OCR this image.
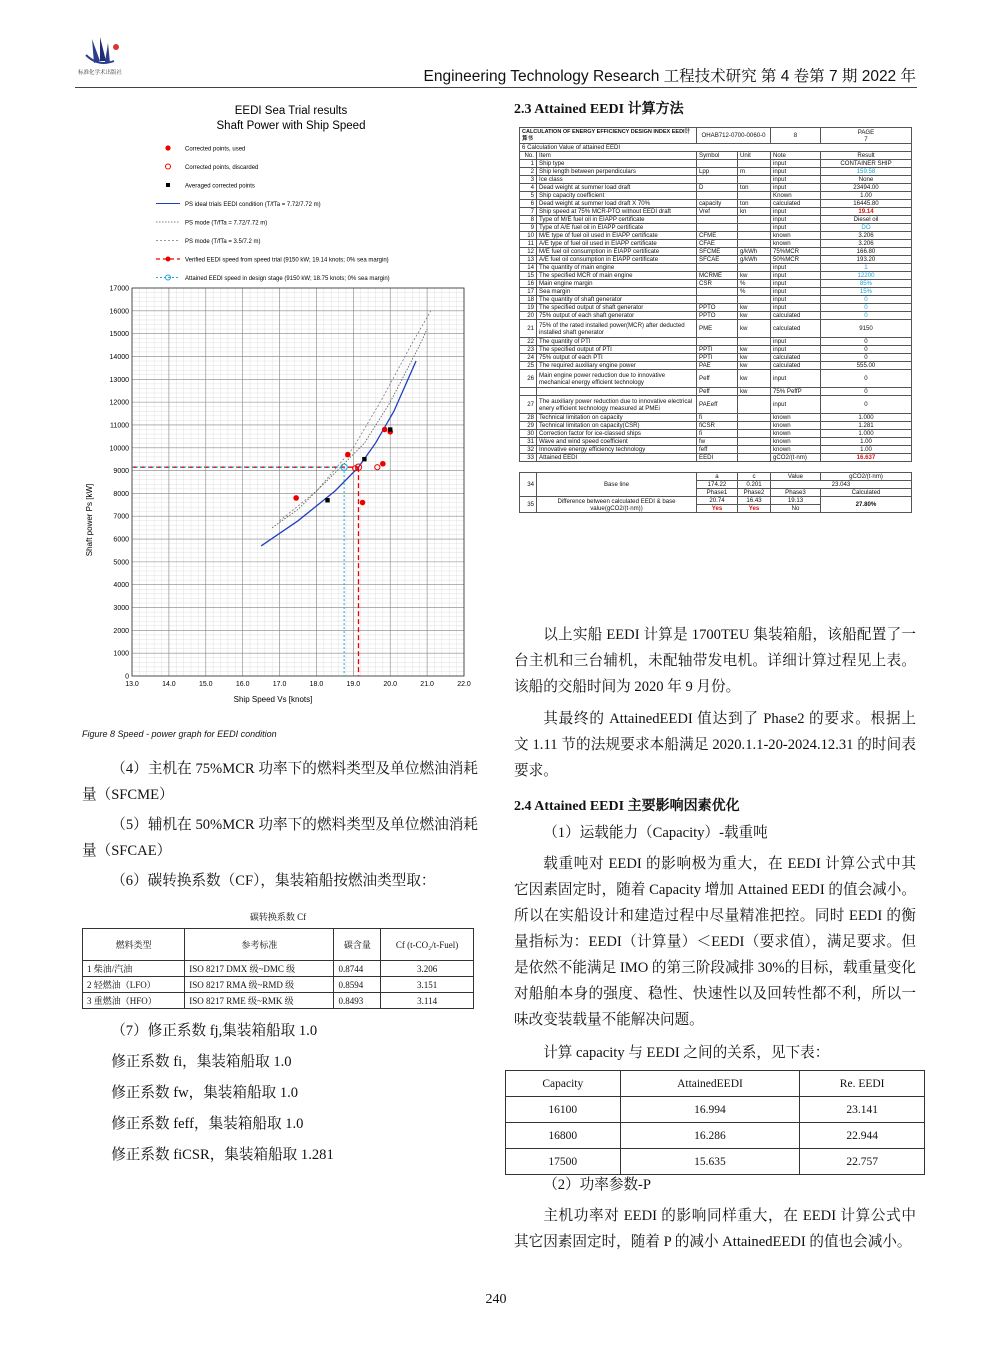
标准化学术出版社	Engineering Technology Research 工程技术研究 第 4 卷第 7 期 2022 年
EEDI Sea Trial results
Shaft Power with Ship Speed
Corrected points, used
Corrected points, discarded
Averaged corrected points
PS ideal trials EEDI condition (T/fTa = 7.72/7.72 m)
PS mode (T/fTa = 7.72/7.72 m)
PS mode (T/fTa = 3.5/7.2 m)
Verified EEDI speed from speed trial (9150 kW; 19.14 knots; 0% sea margin)
Attained EEDI speed in design stage (9150 kW; 18.75 knots; 0% sea margin)
13.0	14.0	15.0	16.0	17.0	18.0	19.0	20.0	21.0	22.0
0
1000
2000
3000
4000
5000
6000
7000
8000
9000
10000
11000
12000
13000
14000
15000
16000
17000
Ship Speed Vs [knots]
Shaft power Ps [kW]
Figure 8 Speed - power graph for EEDI condition

（4）主机在 75%MCR 功率下的燃料类型及单位燃油消耗量（SFCME）

（5）辅机在 50%MCR 功率下的燃料类型及单位燃油消耗量（SFCAE）

（6）碳转换系数（CF），集装箱船按燃油类型取：

碳转换系数 Cf
燃料类型	参考标准	碳含量	Cf (t-CO₂/t-Fuel)
1 柴油/汽油	ISO 8217 DMX 级~DMC 级	0.8744	3.206
2 轻燃油（LFO）	ISO 8217 RMA 级~RMD 级	0.8594	3.151
3 重燃油（HFO）	ISO 8217 RME 级~RMK 级	0.8493	3.114

（7）修正系数 fj,集装箱船取 1.0

修正系数 fi，集装箱船取 1.0

修正系数 fw，集装箱船取 1.0

修正系数 feff，集装箱船取 1.0

修正系数 fiCSR，集装箱船取 1.281

2.3 Attained EEDI 计算方法
CALCULATION OF ENERGY EFFICIENCY DESIGN INDEX EEDI计算书		OHAB712-0700-0060-0		8	PAGE
7

6 Calculation Value of attained EEDI					
No.	Item	Symbol	Unit	Note	Result
1	Ship type			input	CONTAINER SHIP
2	Ship length between perpendiculars	Lpp	m	input	159.58
3	Ice class			input	None
4	Dead weight at summer load draft	D	ton	input	23494.00
5	Ship capacity coefficient			Known	1.00
6	Dead weight at summer load draft X 70%	capacity	ton	calculated	16445.80
7	Ship speed at 75% MCR-PTO without EEDI draft	Vref	kn	input	19.14
8	Type of M/E fuel oil in EIAPP certificate			input	Diesel oil
9	Type of A/E fuel oil in EIAPP certificate			input	DO
10	M/E type of fuel oil used in EIAPP certificate	CFME		known	3.206
11	A/E type of fuel oil used in EIAPP certificate	CFAE		known	3.206
12	M/E fuel oil consumption in EIAPP certificate	SFCME	g/kWh	75%MCR	166.80
13	A/E fuel oil consumption in EIAPP certificate	SFCAE	g/kWh	50%MCR	193.20
14	The quantity of main engine			input	1
15	The specified MCR of main engine	MCRME	kw	input	12200
16	Main engine margin	CSR	%	input	85%
17	Sea margin		%	input	15%
18	The quantity of shaft generator			input	0
19	The specified output of shaft generator	PPTO	kw	input	0
20	75% output of each shaft generator	PPTO	kw	calculated	0
21	75% of the rated installed power(MCR) after deducted installed shaft generator	PME	kw	calculated	9150
22	The quantity of PTI			input	0
23	The specified output of PTI	PPTI	kw	input	0
24	75% output of each PTI	PPTI	kw	calculated	0
25	The required auxiliary engine power	PAE	kw	calculated	555.00
26	Main engine power reduction due to innovative mechanical energy efficient technology	Peff	kw	input	0
		Peff	kw	75% PeffP	0
27	The auxiliary power reduction due to innovative electrical enery efficient technology measured at PMEi	PAEeff		input	0
28	Technical limitation on capacity	fi		known	1.000
29	Technical limitation on capacity(CSR)	fiCSR		known	1.281
30	Correction factor for ice-classed ships	fi		known	1.000
31	Wave and wind speed coefficient	fw		known	1.00
32	Innovative energy efficiency technology	feff		known	1.00
33	Attained EEDI	EEDI		gCO2/(t·nm)	16.637
34	Base line	a	c	Value	gCO2/(t·nm)
		174.22	0.201	23.043	
		Phase1	Phase2	Phase3	Calculated
35	Difference between calculated EEDI & base value(gCO2/(t·nm))	20.74	16.43	19.13	27.80%
		Yes	Yes	No	

以上实船 EEDI 计算是 1700TEU 集装箱船，该船配置了一台主机和三台辅机，未配轴带发电机。详细计算过程见上表。该船的交船时间为 2020 年 9 月份。

其最终的 AttainedEEDI 值达到了 Phase2 的要求。根据上文 1.11 节的法规要求本船满足 2020.1.1-20-2024.12.31 的时间表要求。

2.4 Attained EEDI 主要影响因素优化

（1）运载能力（Capacity）-载重吨

载重吨对 EEDI 的影响极为重大，在 EEDI 计算公式中其它因素固定时，随着 Capacity 增加 Attained EEDI 的值会减小。所以在实船设计和建造过程中尽量精准把控。同时 EEDI 的衡量指标为：EEDI（计算量）＜EEDI（要求值），满足要求。但是依然不能满足 IMO 的第三阶段减排 30%的目标，载重量变化对船舶本身的强度、稳性、快速性以及回转性都不利，所以一味改变装载量不能解决问题。

计算 capacity 与 EEDI 之间的关系，见下表：

Capacity	AttainedEEDI	Re. EEDI
16100	16.994	23.141
16800	16.286	22.944
17500	15.635	22.757

（2）功率参数-P

主机功率对 EEDI 的影响同样重大，在 EEDI 计算公式中其它因素固定时，随着 P 的减小 AttainedEEDI 的值也会减小。

240
